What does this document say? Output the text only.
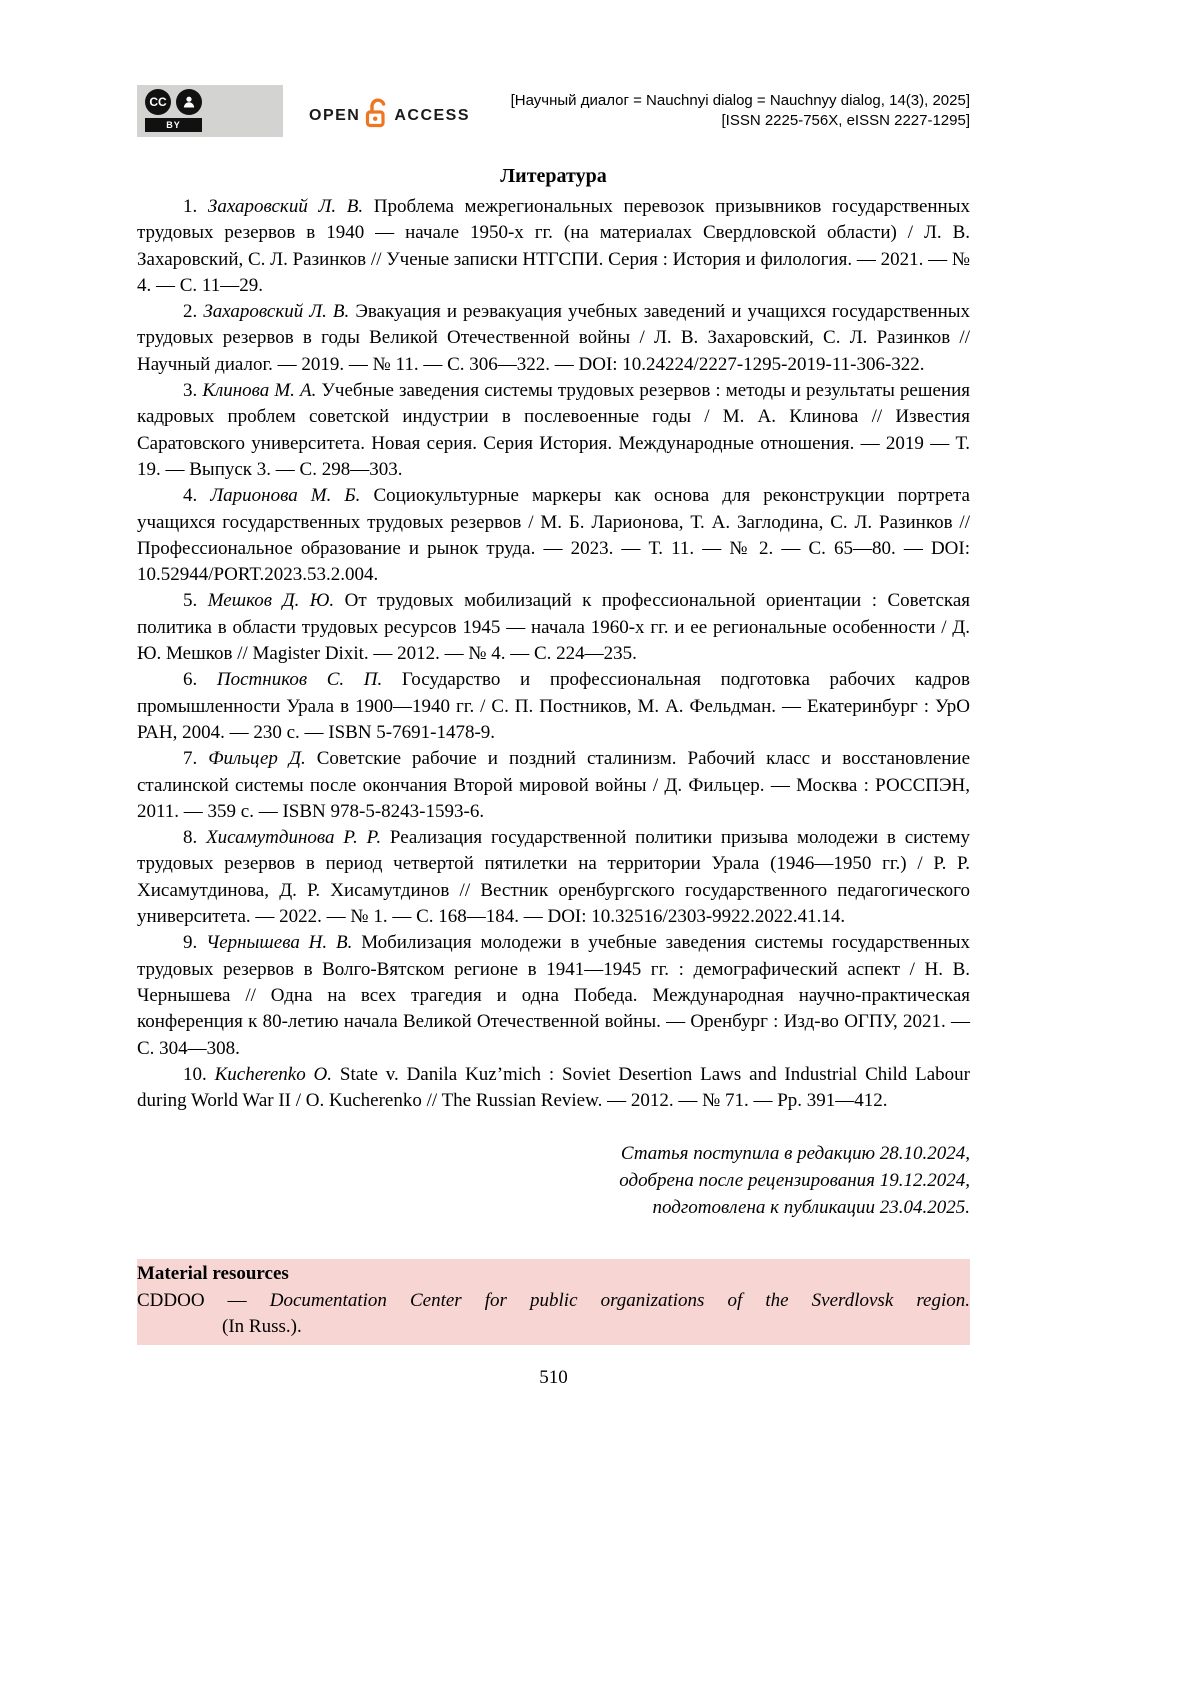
CC
BY
OPEN ACCESS
[Научный диалог = Nauchnyi dialog = Nauchnyy dialog, 14(3), 2025]
[ISSN 2225-756X, eISSN 2227-1295]
Литература

1. Захаровский Л. В. Проблема межрегиональных перевозок призывников государственных трудовых резервов в 1940 — начале 1950-х гг. (на материалах Свердловской области) / Л. В. Захаровский, С. Л. Разинков // Ученые записки НТГСПИ. Серия : История и филология. — 2021. — № 4. — С. 11—29.

2. Захаровский Л. В. Эвакуация и реэвакуация учебных заведений и учащихся государственных трудовых резервов в годы Великой Отечественной войны / Л. В. Захаровский, С. Л. Разинков // Научный диалог. — 2019. — № 11. — С. 306—322. — DOI: 10.24224/2227-1295-2019-11-306-322.

3. Клинова М. А. Учебные заведения системы трудовых резервов : методы и результаты решения кадровых проблем советской индустрии в послевоенные годы / М. А. Клинова // Известия Саратовского университета. Новая серия. Серия История. Международные отношения. — 2019 — Т. 19. — Выпуск 3. — С. 298—303.

4. Ларионова М. Б. Социокультурные маркеры как основа для реконструкции портрета учащихся государственных трудовых резервов / М. Б. Ларионова, Т. А. Заглодина, С. Л. Разинков // Профессиональное образование и рынок труда. — 2023. — Т. 11. — № 2. — С. 65—80. — DOI: 10.52944/PORT.2023.53.2.004.

5. Мешков Д. Ю. От трудовых мобилизаций к профессиональной ориентации : Советская политика в области трудовых ресурсов 1945 — начала 1960-х гг. и ее региональные особенности / Д. Ю. Мешков // Magister Dixit. — 2012. — № 4. — С. 224—235.

6. Постников С. П. Государство и профессиональная подготовка рабочих кадров промышленности Урала в 1900—1940 гг. / С. П. Постников, М. А. Фельдман. — Екатеринбург : УрО РАН, 2004. — 230 с. — ISBN 5-7691-1478-9.

7. Фильцер Д. Советские рабочие и поздний сталинизм. Рабочий класс и восстановление сталинской системы после окончания Второй мировой войны / Д. Фильцер. — Москва : РОССПЭН, 2011. — 359 с. — ISBN 978-5-8243-1593-6.

8. Хисамутдинова Р. Р. Реализация государственной политики призыва молодежи в систему трудовых резервов в период четвертой пятилетки на территории Урала (1946—1950 гг.) / Р. Р. Хисамутдинова, Д. Р. Хисамутдинов // Вестник оренбургского государственного педагогического университета. — 2022. — № 1. — С. 168—184. — DOI: 10.32516/2303-9922.2022.41.14.

9. Чернышева Н. В. Мобилизация молодежи в учебные заведения системы государственных трудовых резервов в Волго-Вятском регионе в 1941—1945 гг. : демографический аспект / Н. В. Чернышева // Одна на всех трагедия и одна Победа. Международная научно-практическая конференция к 80-летию начала Великой Отечественной войны. — Оренбург : Изд-во ОГПУ, 2021. — С. 304—308.

10. Kucherenko O. State v. Danila Kuz’mich : Soviet Desertion Laws and Industrial Child Labour during World War II / O. Kucherenko // The Russian Review. — 2012. — № 71. — Pp. 391—412.

Статья поступила в редакцию 28.10.2024,
одобрена после рецензирования 19.12.2024,
подготовлена к публикации 23.04.2025.
Material resources
CDDOO — Documentation Center for public organizations of the Sverdlovsk region.
(In Russ.).
510
